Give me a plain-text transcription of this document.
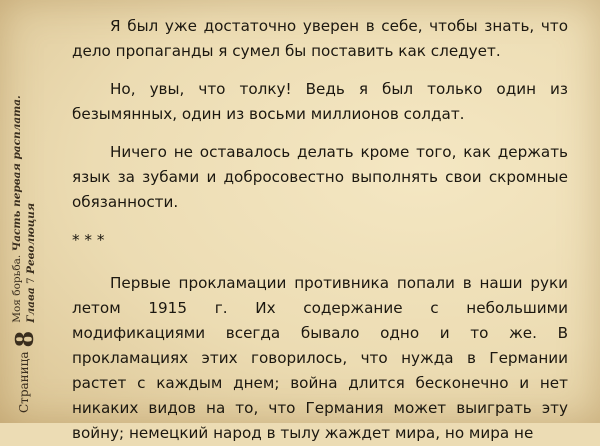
Страница
8
Моя борьба. Часть первая расплата.
Глава 7 Революция

Я был уже достаточно уверен в себе, чтобы знать, что дело пропаганды я сумел бы поставить как следует.

Но, увы, что толку! Ведь я был только один из безымянных, один из восьми миллионов солдат.

Ничего не оставалось делать кроме того, как держать язык за зубами и добросовестно выполнять свои скромные обязанности.

* * *

Первые прокламации противника попали в наши руки летом 1915 г. Их содержание с небольшими модификациями всегда бывало одно и то же. В прокламациях этих говорилось, что нужда в Германии растет с каждым днем; война длится бесконечно и нет никаких видов на то, что Германия может выиграть эту войну; немецкий народ в тылу жаждет мира, но мира не
